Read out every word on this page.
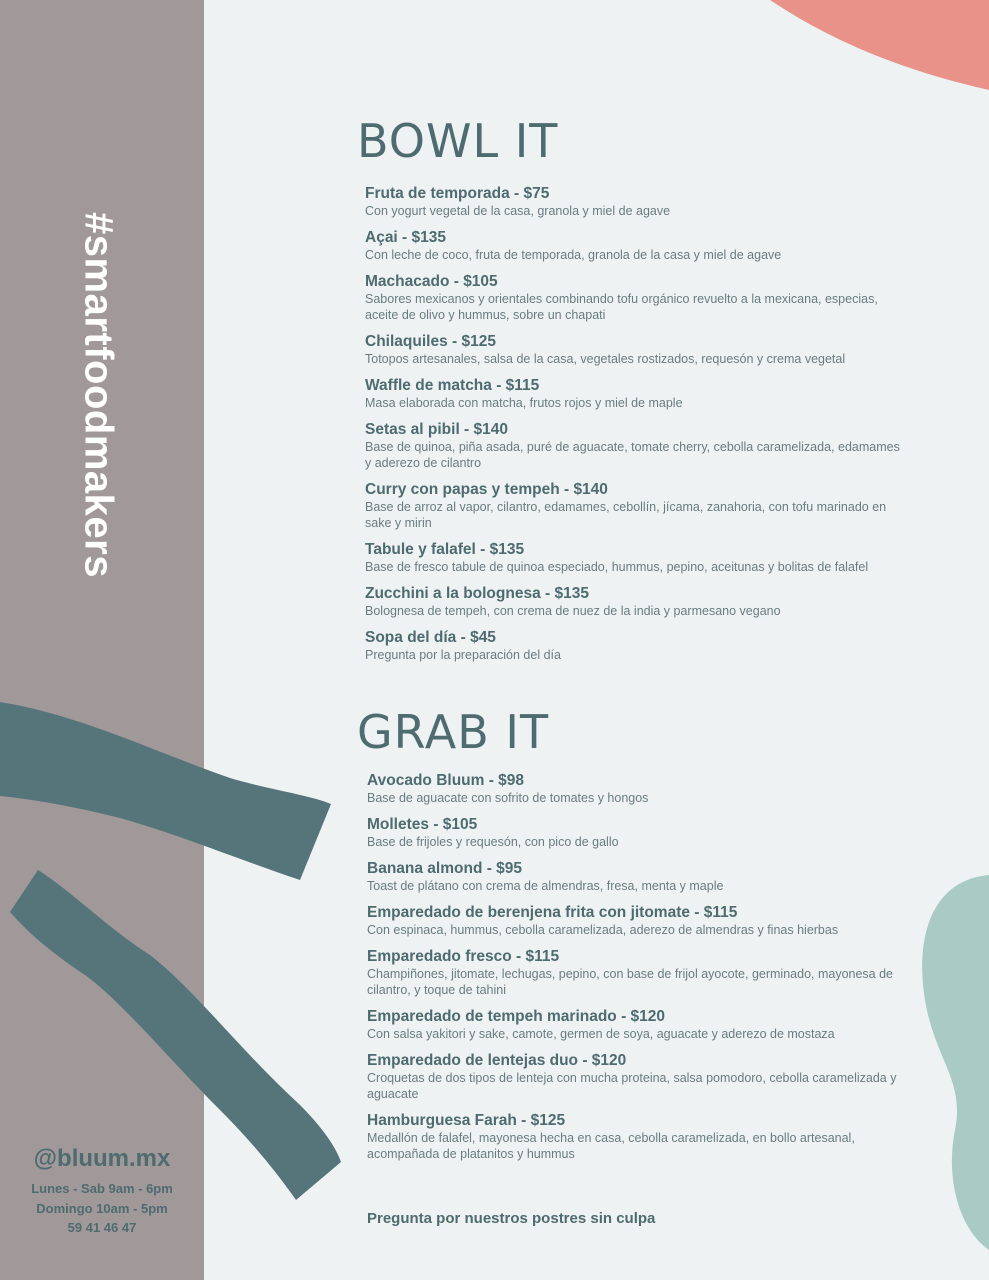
#smartfoodmakers
@bluum.mx
Lunes - Sab 9am - 6pm
Domingo 10am - 5pm
59 41 46 47
BOWL IT
Fruta de temporada - $75
Con yogurt vegetal de la casa, granola y miel de agave
Açai - $135
Con leche de coco, fruta de temporada, granola de la casa y miel de agave
Machacado - $105
Sabores mexicanos y orientales combinando tofu orgánico revuelto a la mexicana, especias, aceite de olivo y hummus, sobre un chapati
Chilaquiles - $125
Totopos artesanales, salsa de la casa, vegetales rostizados, requesón y crema vegetal
Waffle de matcha - $115
Masa elaborada con matcha, frutos rojos y miel de maple
Setas al pibil - $140
Base de quinoa, piña asada, puré de aguacate, tomate cherry, cebolla caramelizada, edamames y aderezo de cilantro
Curry con papas y tempeh - $140
Base de arroz al vapor, cilantro, edamames, cebollín, jícama, zanahoria, con tofu marinado en sake y mirin
Tabule y falafel - $135
Base de fresco tabule de quinoa especiado, hummus, pepino, aceitunas y bolitas de falafel
Zucchini a la bolognesa - $135
Bolognesa de tempeh, con crema de nuez de la india y parmesano vegano
Sopa del día - $45
Pregunta por la preparación del día
GRAB IT
Avocado Bluum - $98
Base de aguacate con sofrito de tomates y hongos
Molletes - $105
Base de frijoles y requesón, con pico de gallo
Banana almond - $95
Toast de plátano con crema de almendras, fresa, menta y maple
Emparedado de berenjena frita con jitomate - $115
Con espinaca, hummus, cebolla caramelizada, aderezo de almendras y finas hierbas
Emparedado fresco - $115
Champiñones, jitomate, lechugas, pepino, con base de frijol ayocote, germinado, mayonesa de cilantro, y toque de tahini
Emparedado de tempeh marinado - $120
Con salsa yakitori y sake, camote, germen de soya, aguacate y aderezo de mostaza
Emparedado de lentejas duo - $120
Croquetas de dos tipos de lenteja con mucha proteina, salsa pomodoro, cebolla caramelizada y aguacate
Hamburguesa Farah - $125
Medallón de falafel, mayonesa hecha en casa, cebolla caramelizada, en bollo artesanal, acompañada de platanitos y hummus
Pregunta por nuestros postres sin culpa
